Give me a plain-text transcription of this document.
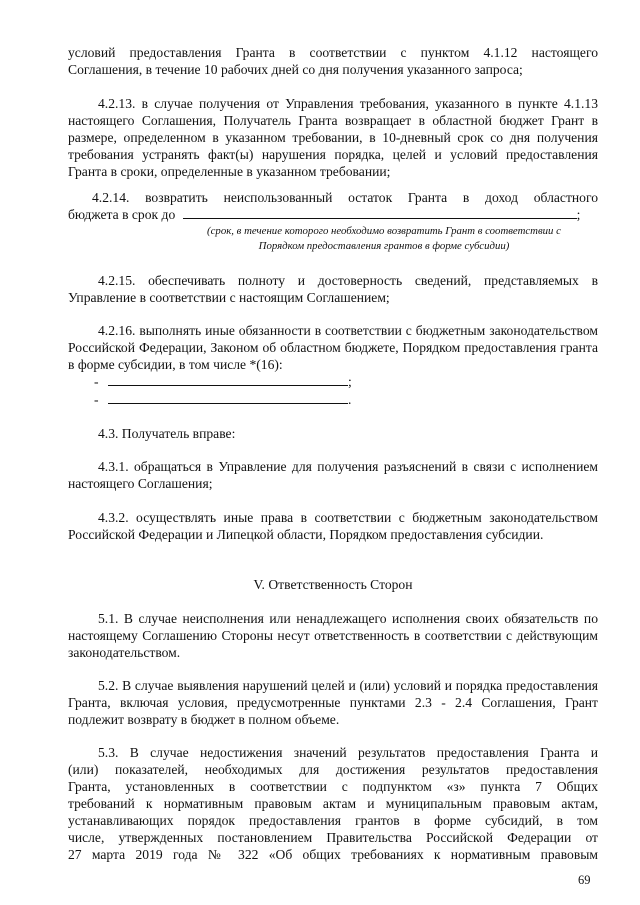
условий предоставления Гранта в соответствии с пунктом 4.1.12 настоящего
Соглашения, в течение 10 рабочих дней со дня получения указанного запроса;

4.2.13. в случае получения от Управления требования, указанного в пункте 4.1.13 настоящего Соглашения, Получатель Гранта возвращает в областной бюджет Грант в размере, определенном в указанном требовании, в 10-дневный срок со дня получения требования устранять факт(ы) нарушения порядка, целей и условий предоставления Гранта в сроки, определенные в указанном требовании;

4.2.14. возвратить неиспользованный остаток Гранта в доход областного
бюджета в срок до	;
(срок, в течение которого необходимо возвратить Грант в соответствии с
Порядком предоставления грантов в форме субсидии)

4.2.15. обеспечивать полноту и достоверность сведений, представляемых в Управление в соответствии с настоящим Соглашением;

4.2.16. выполнять иные обязанности в соответствии с бюджетным законодательством Российской Федерации, Законом об областном бюджете, Порядком предоставления гранта в форме субсидии, в том числе *(16):

-	;
-	.

4.3. Получатель вправе:

4.3.1. обращаться в Управление для получения разъяснений в связи с исполнением настоящего Соглашения;

4.3.2. осуществлять иные права в соответствии с бюджетным законодательством Российской Федерации и Липецкой области, Порядком предоставления субсидии.

V. Ответственность Сторон

5.1. В случае неисполнения или ненадлежащего исполнения своих обязательств по настоящему Соглашению Стороны несут ответственность в соответствии с действующим законодательством.

5.2. В случае выявления нарушений целей и (или) условий и порядка предоставления Гранта, включая условия, предусмотренные пунктами 2.3 - 2.4 Соглашения, Грант подлежит возврату в бюджет в полном объеме.

5.3. В случае недостижения значений результатов предоставления Гранта и
(или) показателей, необходимых для достижения результатов предоставления
Гранта, установленных в соответствии с подпунктом «з» пункта 7 Общих
требований к нормативным правовым актам и муниципальным правовым актам,
устанавливающих порядок предоставления грантов в форме субсидий, в том
числе, утвержденных постановлением Правительства Российской Федерации от
27 марта 2019 года № 322 «Об общих требованиях к нормативным правовым
69
